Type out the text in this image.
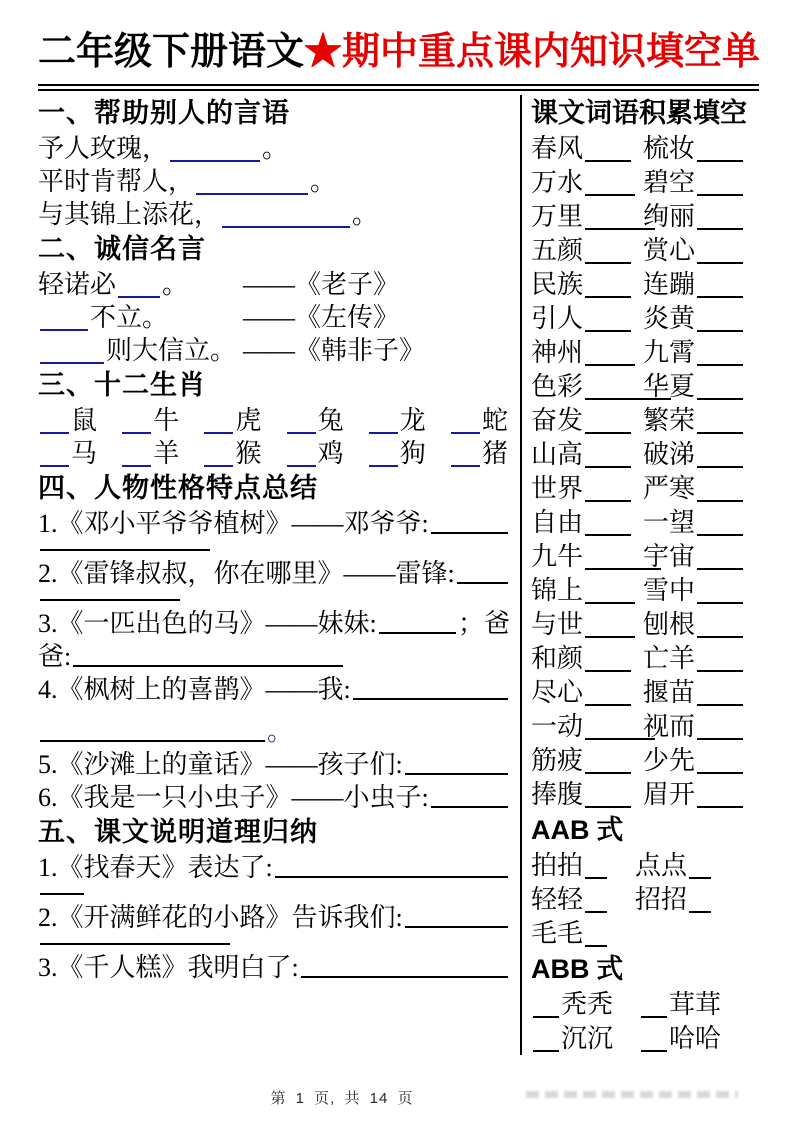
二年级下册语文★期中重点课内知识填空单
一、帮助别人的言语

予人玫瑰，	。

平时肯帮人，	。

与其锦上添花，	。

二、诚信名言

轻诺必 。 ——《老子》

不立。	——《左传》

则大信立。 ——《韩非子》

三、十二生肖
鼠	牛	虎	兔	龙	蛇
马	羊	猴	鸡	狗	猪
四、人物性格特点总结
1.《邓小平爷爷植树》——邓爷爷:
2.《雷锋叔叔，你在哪里》——雷锋:
3.《一匹出色的马》——妹妹:	；爸
爸:
4.《枫树上的喜鹊》——我:
。
5.《沙滩上的童话》——孩子们:
6.《我是一只小虫子》——小虫子:
五、课文说明道理归纳
1.《找春天》表达了:
2.《开满鲜花的小路》告诉我们:
3.《千人糕》我明白了:
课文词语积累填空
春风	梳妆
万水	碧空
万里	绚丽
五颜	赏心
民族	连蹦
引人	炎黄
神州	九霄
色彩	华夏
奋发	繁荣
山高	破涕
世界	严寒
自由	一望
九牛	宇宙
锦上	雪中
与世	刨根
和颜	亡羊
尽心	揠苗
一动	视而
筋疲	少先
捧腹	眉开
AAB 式
拍拍 点点
轻轻 招招
毛毛
ABB 式
秃秃 茸茸
沉沉 哈哈
第 1 页, 共 14 页
